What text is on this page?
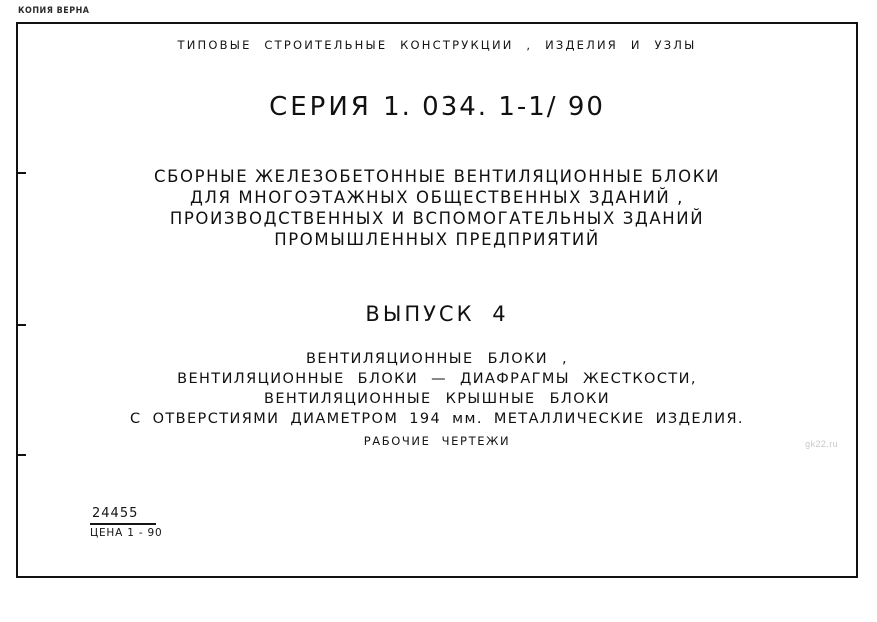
КОПИЯ ВЕРНА
ТИПОВЫЕ СТРОИТЕЛЬНЫЕ КОНСТРУКЦИИ , ИЗДЕЛИЯ И УЗЛЫ
СЕРИЯ 1. 034. 1-1/ 90
СБОРНЫЕ ЖЕЛЕЗОБЕТОННЫЕ ВЕНТИЛЯЦИОННЫЕ БЛОКИ
ДЛЯ МНОГОЭТАЖНЫХ ОБЩЕСТВЕННЫХ ЗДАНИЙ ,
ПРОИЗВОДСТВЕННЫХ И ВСПОМОГАТЕЛЬНЫХ ЗДАНИЙ
ПРОМЫШЛЕННЫХ ПРЕДПРИЯТИЙ
ВЫПУСК 4
ВЕНТИЛЯЦИОННЫЕ БЛОКИ ,
ВЕНТИЛЯЦИОННЫЕ БЛОКИ — ДИАФРАГМЫ ЖЕСТКОСТИ,
ВЕНТИЛЯЦИОННЫЕ КРЫШНЫЕ БЛОКИ
С ОТВЕРСТИЯМИ ДИАМЕТРОМ 194 мм. МЕТАЛЛИЧЕСКИЕ ИЗДЕЛИЯ.
РАБОЧИЕ ЧЕРТЕЖИ
24455
ЦЕНА 1 - 90
gk22.ru
